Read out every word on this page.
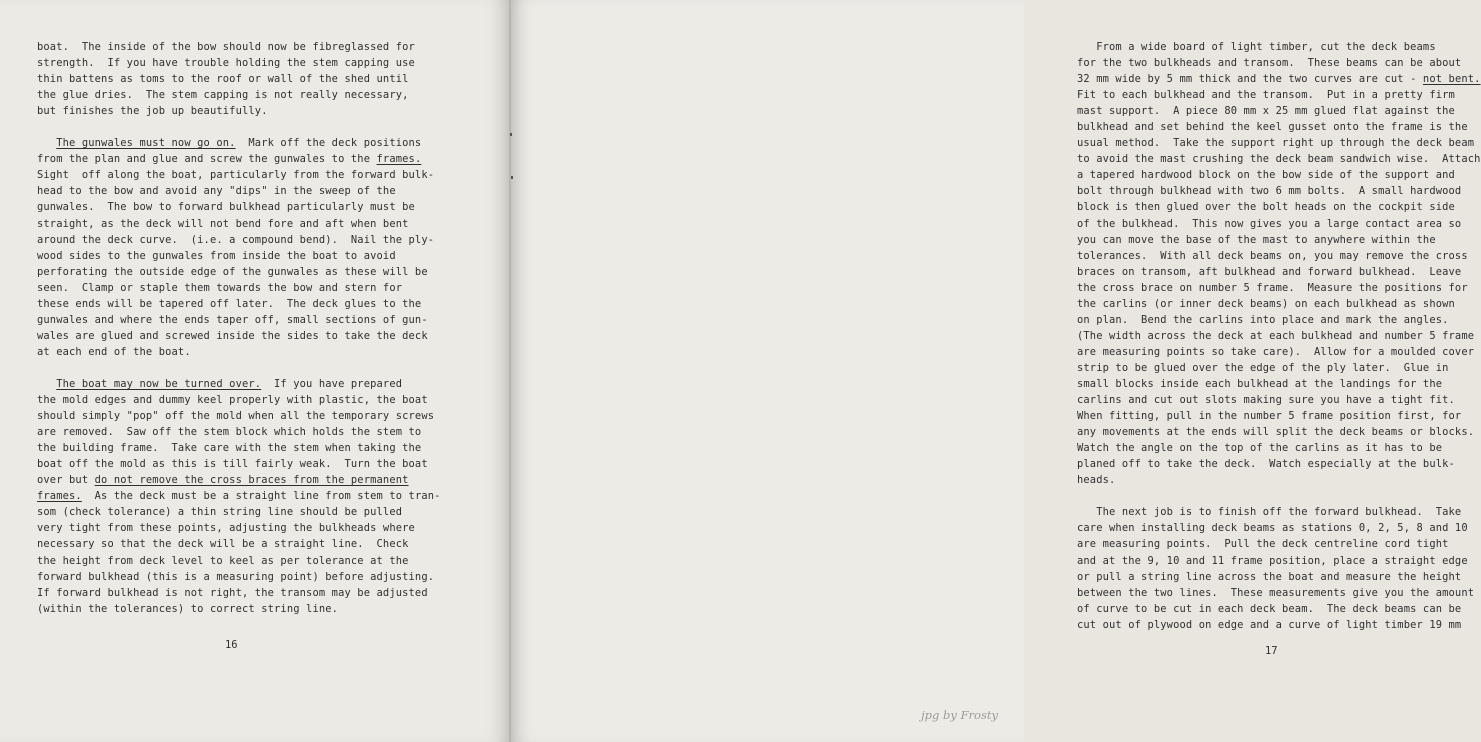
boat.  The inside of the bow should now be fibreglassed for
strength.  If you have trouble holding the stem capping use
thin battens as toms to the roof or wall of the shed until
the glue dries.  The stem capping is not really necessary,
but finishes the job up beautifully.
The gunwales must now go on.  Mark off the deck positions
from the plan and glue and screw the gunwales to the frames.
Sight  off along the boat, particularly from the forward bulk-
head to the bow and avoid any "dips" in the sweep of the
gunwales.  The bow to forward bulkhead particularly must be
straight, as the deck will not bend fore and aft when bent
around the deck curve.  (i.e. a compound bend).  Nail the ply-
wood sides to the gunwales from inside the boat to avoid
perforating the outside edge of the gunwales as these will be
seen.  Clamp or staple them towards the bow and stern for
these ends will be tapered off later.  The deck glues to the
gunwales and where the ends taper off, small sections of gun-
wales are glued and screwed inside the sides to take the deck
at each end of the boat.
The boat may now be turned over.  If you have prepared
the mold edges and dummy keel properly with plastic, the boat
should simply "pop" off the mold when all the temporary screws
are removed.  Saw off the stem block which holds the stem to
the building frame.  Take care with the stem when taking the
boat off the mold as this is till fairly weak.  Turn the boat
over but do not remove the cross braces from the permanent
frames.  As the deck must be a straight line from stem to tran-
som (check tolerance) a thin string line should be pulled
very tight from these points, adjusting the bulkheads where
necessary so that the deck will be a straight line.  Check
the height from deck level to keel as per tolerance at the
forward bulkhead (this is a measuring point) before adjusting.
If forward bulkhead is not right, the transom may be adjusted
(within the tolerances) to correct string line.
16
From a wide board of light timber, cut the deck beams
for the two bulkheads and transom.  These beams can be about
32 mm wide by 5 mm thick and the two curves are cut - not bent.
Fit to each bulkhead and the transom.  Put in a pretty firm
mast support.  A piece 80 mm x 25 mm glued flat against the
bulkhead and set behind the keel gusset onto the frame is the
usual method.  Take the support right up through the deck beam
to avoid the mast crushing the deck beam sandwich wise.  Attach
a tapered hardwood block on the bow side of the support and
bolt through bulkhead with two 6 mm bolts.  A small hardwood
block is then glued over the bolt heads on the cockpit side
of the bulkhead.  This now gives you a large contact area so
you can move the base of the mast to anywhere within the
tolerances.  With all deck beams on, you may remove the cross
braces on transom, aft bulkhead and forward bulkhead.  Leave
the cross brace on number 5 frame.  Measure the positions for
the carlins (or inner deck beams) on each bulkhead as shown
on plan.  Bend the carlins into place and mark the angles.
(The width across the deck at each bulkhead and number 5 frame
are measuring points so take care).  Allow for a moulded cover
strip to be glued over the edge of the ply later.  Glue in
small blocks inside each bulkhead at the landings for the
carlins and cut out slots making sure you have a tight fit.
When fitting, pull in the number 5 frame position first, for
any movements at the ends will split the deck beams or blocks.
Watch the angle on the top of the carlins as it has to be
planed off to take the deck.  Watch especially at the bulk-
heads.
The next job is to finish off the forward bulkhead.  Take
care when installing deck beams as stations 0, 2, 5, 8 and 10
are measuring points.  Pull the deck centreline cord tight
and at the 9, 10 and 11 frame position, place a straight edge
or pull a string line across the boat and measure the height
between the two lines.  These measurements give you the amount
of curve to be cut in each deck beam.  The deck beams can be
cut out of plywood on edge and a curve of light timber 19 mm
17
jpg by Frosty
